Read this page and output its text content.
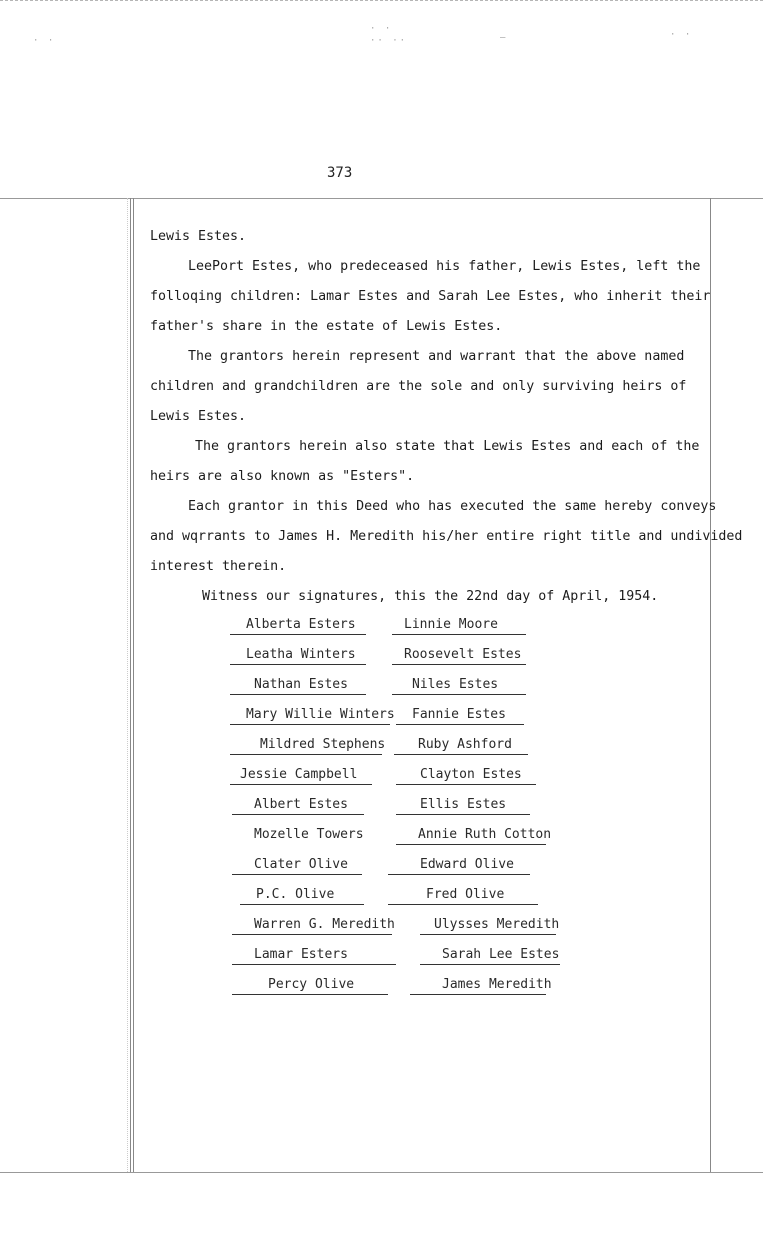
· ·
· ·
·· ··	–	· ·
373

Lewis Estes.

LeePort Estes, who predeceased his father, Lewis Estes, left the

folloqing children: Lamar Estes and Sarah Lee Estes, who inherit their

father's share in the estate of Lewis Estes.

The grantors herein represent and warrant that the above named

children and grandchildren are the sole and only surviving heirs of

Lewis Estes.

The grantors herein also state that Lewis Estes and each of the

heirs are also known as "Esters".

Each grantor in this Deed who has executed the same hereby conveys

and wqrrants to James H. Meredith his/her entire right title and undivided

interest therein.

Witness our signatures, this the 22nd day of April, 1954.

Alberta Esters	Linnie Moore
Leatha Winters	Roosevelt Estes
Nathan Estes	Niles Estes
Mary Willie Winters	Fannie Estes
Mildred Stephens	Ruby Ashford
Jessie Campbell	Clayton Estes
Albert Estes	Ellis Estes
Mozelle Towers	Annie Ruth Cotton
Clater Olive	Edward Olive
P.C. Olive	Fred Olive
Warren G. Meredith	Ulysses Meredith
Lamar Esters	Sarah Lee Estes
Percy Olive	James Meredith
